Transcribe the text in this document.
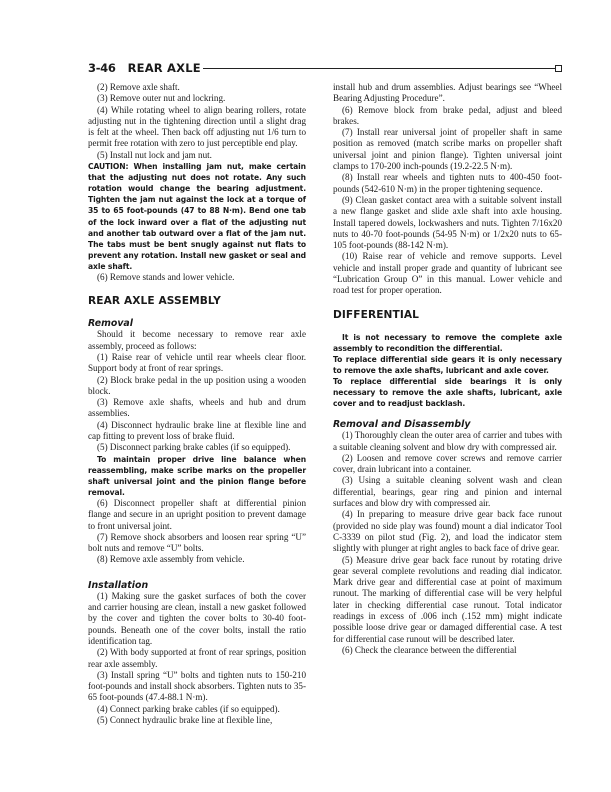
3-46 REAR AXLE

(2) Remove axle shaft.

(3) Remove outer nut and lockring.

(4) While rotating wheel to align bearing rollers, rotate adjusting nut in the tightening direction until a slight drag is felt at the wheel. Then back off adjusting nut 1/6 turn to permit free rotation with zero to just perceptible end play.

(5) Install nut lock and jam nut.

CAUTION: When installing jam nut, make certain that the adjusting nut does not rotate. Any such rotation would change the bearing adjustment. Tighten the jam nut against the lock at a torque of 35 to 65 foot-pounds (47 to 88 N·m). Bend one tab of the lock inward over a flat of the adjusting nut and another tab outward over a flat of the jam nut. The tabs must be bent snugly against nut flats to prevent any rotation. Install new gasket or seal and axle shaft.

(6) Remove stands and lower vehicle.

REAR AXLE ASSEMBLY
Removal

Should it become necessary to remove rear axle assembly, proceed as follows:

(1) Raise rear of vehicle until rear wheels clear floor. Support body at front of rear springs.

(2) Block brake pedal in the up position using a wooden block.

(3) Remove axle shafts, wheels and hub and drum assemblies.

(4) Disconnect hydraulic brake line at flexible line and cap fitting to prevent loss of brake fluid.

(5) Disconnect parking brake cables (if so equipped).

To maintain proper drive line balance when reassembling, make scribe marks on the propeller shaft universal joint and the pinion flange before removal.

(6) Disconnect propeller shaft at differential pinion flange and secure in an upright position to prevent damage to front universal joint.

(7) Remove shock absorbers and loosen rear spring “U” bolt nuts and remove “U” bolts.

(8) Remove axle assembly from vehicle.

Installation

(1) Making sure the gasket surfaces of both the cover and carrier housing are clean, install a new gasket followed by the cover and tighten the cover bolts to 30-40 foot-pounds. Beneath one of the cover bolts, install the ratio identification tag.

(2) With body supported at front of rear springs, position rear axle assembly.

(3) Install spring “U” bolts and tighten nuts to 150-210 foot-pounds and install shock absorbers. Tighten nuts to 35-65 foot-pounds (47.4-88.1 N·m).

(4) Connect parking brake cables (if so equipped).

(5) Connect hydraulic brake line at flexible line,

install hub and drum assemblies. Adjust bearings see “Wheel Bearing Adjusting Procedure”.

(6) Remove block from brake pedal, adjust and bleed brakes.

(7) Install rear universal joint of propeller shaft in same position as removed (match scribe marks on propeller shaft universal joint and pinion flange). Tighten universal joint clamps to 170-200 inch-pounds (19.2-22.5 N·m).

(8) Install rear wheels and tighten nuts to 400-450 foot-pounds (542-610 N·m) in the proper tightening sequence.

(9) Clean gasket contact area with a suitable solvent install a new flange gasket and slide axle shaft into axle housing. Install tapered dowels, lockwashers and nuts. Tighten 7/16x20 nuts to 40-70 foot-pounds (54-95 N·m) or 1/2x20 nuts to 65-105 foot-pounds (88-142 N·m).

(10) Raise rear of vehicle and remove supports. Level vehicle and install proper grade and quantity of lubricant see “Lubrication Group O” in this manual. Lower vehicle and road test for proper operation.

DIFFERENTIAL

It is not necessary to remove the complete axle assembly to recondition the differential.

To replace differential side gears it is only necessary to remove the axle shafts, lubricant and axle cover.

To replace differential side bearings it is only necessary to remove the axle shafts, lubricant, axle cover and to readjust backlash.

Removal and Disassembly

(1) Thoroughly clean the outer area of carrier and tubes with a suitable cleaning solvent and blow dry with compressed air.

(2) Loosen and remove cover screws and remove carrier cover, drain lubricant into a container.

(3) Using a suitable cleaning solvent wash and clean differential, bearings, gear ring and pinion and internal surfaces and blow dry with compressed air.

(4) In preparing to measure drive gear back face runout (provided no side play was found) mount a dial indicator Tool C-3339 on pilot stud (Fig. 2), and load the indicator stem slightly with plunger at right angles to back face of drive gear.

(5) Measure drive gear back face runout by rotating drive gear several complete revolutions and reading dial indicator. Mark drive gear and differential case at point of maximum runout. The marking of differential case will be very helpful later in checking differential case runout. Total indicator readings in excess of .006 inch (.152 mm) might indicate possible loose drive gear or damaged differential case. A test for differential case runout will be described later.

(6) Check the clearance between the differential
